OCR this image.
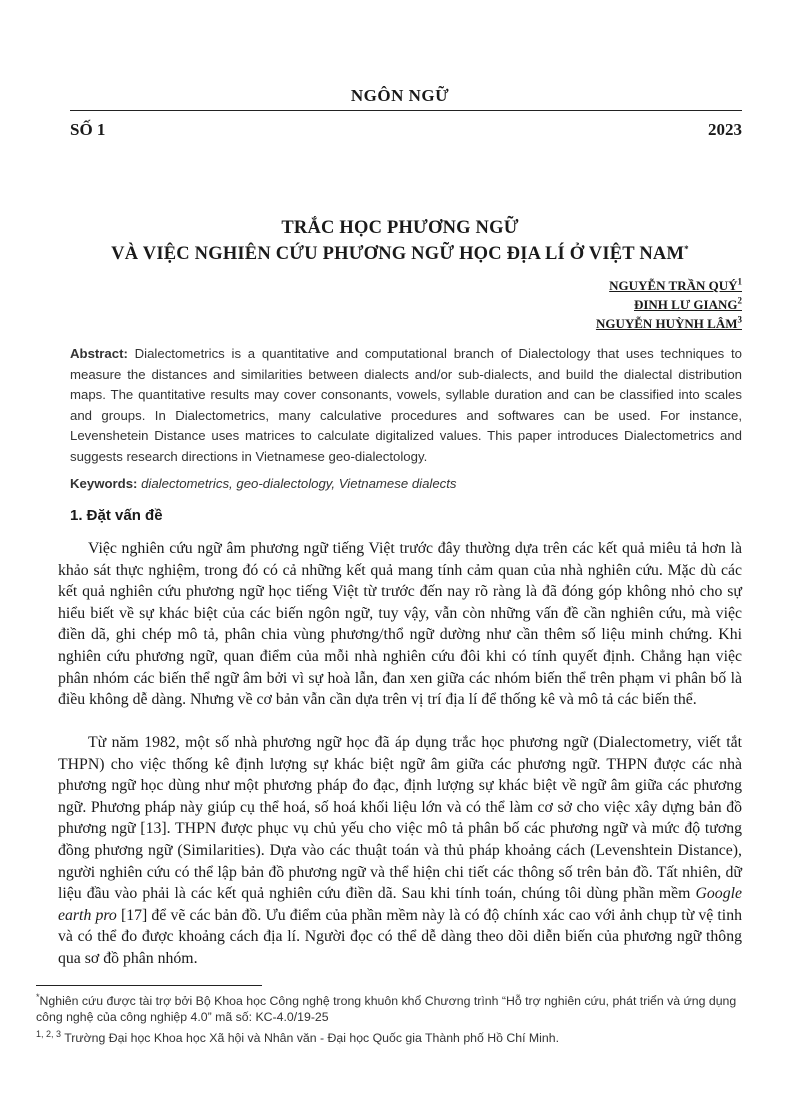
NGÔN NGỮ
SỐ 1	2023
TRẮC HỌC PHƯƠNG NGỮ
VÀ VIỆC NGHIÊN CỨU PHƯƠNG NGỮ HỌC ĐỊA LÍ Ở VIỆT NAM*
NGUYỄN TRẦN QUÝ$^1$
ĐINH LƯ GIANG$^2$
NGUYỄN HUỲNH LÂM$^3$
Abstract: Dialectometrics is a quantitative and computational branch of Dialectology that uses techniques to measure the distances and similarities between dialects and/or sub-dialects, and build the dialectal distribution maps. The quantitative results may cover consonants, vowels, syllable duration and can be classified into scales and groups. In Dialectometrics, many calculative procedures and softwares can be used. For instance, Levenshetein Distance uses matrices to calculate digitalized values. This paper introduces Dialectometrics and suggests research directions in Vietnamese geo-dialectology.
Keywords: dialectometrics, geo-dialectology, Vietnamese dialects
1. Đặt vấn đề
Việc nghiên cứu ngữ âm phương ngữ tiếng Việt trước đây thường dựa trên các kết quả miêu tả hơn là khảo sát thực nghiệm, trong đó có cả những kết quả mang tính cảm quan của nhà nghiên cứu. Mặc dù các kết quả nghiên cứu phương ngữ học tiếng Việt từ trước đến nay rõ ràng là đã đóng góp không nhỏ cho sự hiểu biết về sự khác biệt của các biến ngôn ngữ, tuy vậy, vẫn còn những vấn đề cần nghiên cứu, mà việc điền dã, ghi chép mô tả, phân chia vùng phương/thổ ngữ dường như cần thêm số liệu minh chứng. Khi nghiên cứu phương ngữ, quan điểm của mỗi nhà nghiên cứu đôi khi có tính quyết định. Chẳng hạn việc phân nhóm các biến thể ngữ âm bởi vì sự hoà lẫn, đan xen giữa các nhóm biến thể trên phạm vi phân bố là điều không dễ dàng. Nhưng về cơ bản vẫn cần dựa trên vị trí địa lí để thống kê và mô tả các biến thể.
Từ năm 1982, một số nhà phương ngữ học đã áp dụng trắc học phương ngữ (Dialectometry, viết tắt THPN) cho việc thống kê định lượng sự khác biệt ngữ âm giữa các phương ngữ. THPN được các nhà phương ngữ học dùng như một phương pháp đo đạc, định lượng sự khác biệt về ngữ âm giữa các phương ngữ. Phương pháp này giúp cụ thể hoá, số hoá khối liệu lớn và có thể làm cơ sở cho việc xây dựng bản đồ phương ngữ [13]. THPN được phục vụ chủ yếu cho việc mô tả phân bố các phương ngữ và mức độ tương đồng phương ngữ (Similarities). Dựa vào các thuật toán và thủ pháp khoảng cách (Levenshtein Distance), người nghiên cứu có thể lập bản đồ phương ngữ và thể hiện chi tiết các thông số trên bản đồ. Tất nhiên, dữ liệu đầu vào phải là các kết quả nghiên cứu điền dã. Sau khi tính toán, chúng tôi dùng phần mềm Google earth pro [17] để vẽ các bản đồ. Ưu điểm của phần mềm này là có độ chính xác cao với ảnh chụp từ vệ tinh và có thể đo được khoảng cách địa lí. Người đọc có thể dễ dàng theo dõi diễn biến của phương ngữ thông qua sơ đồ phân nhóm.
*Nghiên cứu được tài trợ bởi Bộ Khoa học Công nghệ trong khuôn khổ Chương trình “Hỗ trợ nghiên cứu, phát triển và ứng dụng công nghệ của công nghiệp 4.0” mã số: KC-4.0/19-25
$^{1, 2, 3}$ Trường Đại học Khoa học Xã hội và Nhân văn - Đại học Quốc gia Thành phố Hồ Chí Minh.
